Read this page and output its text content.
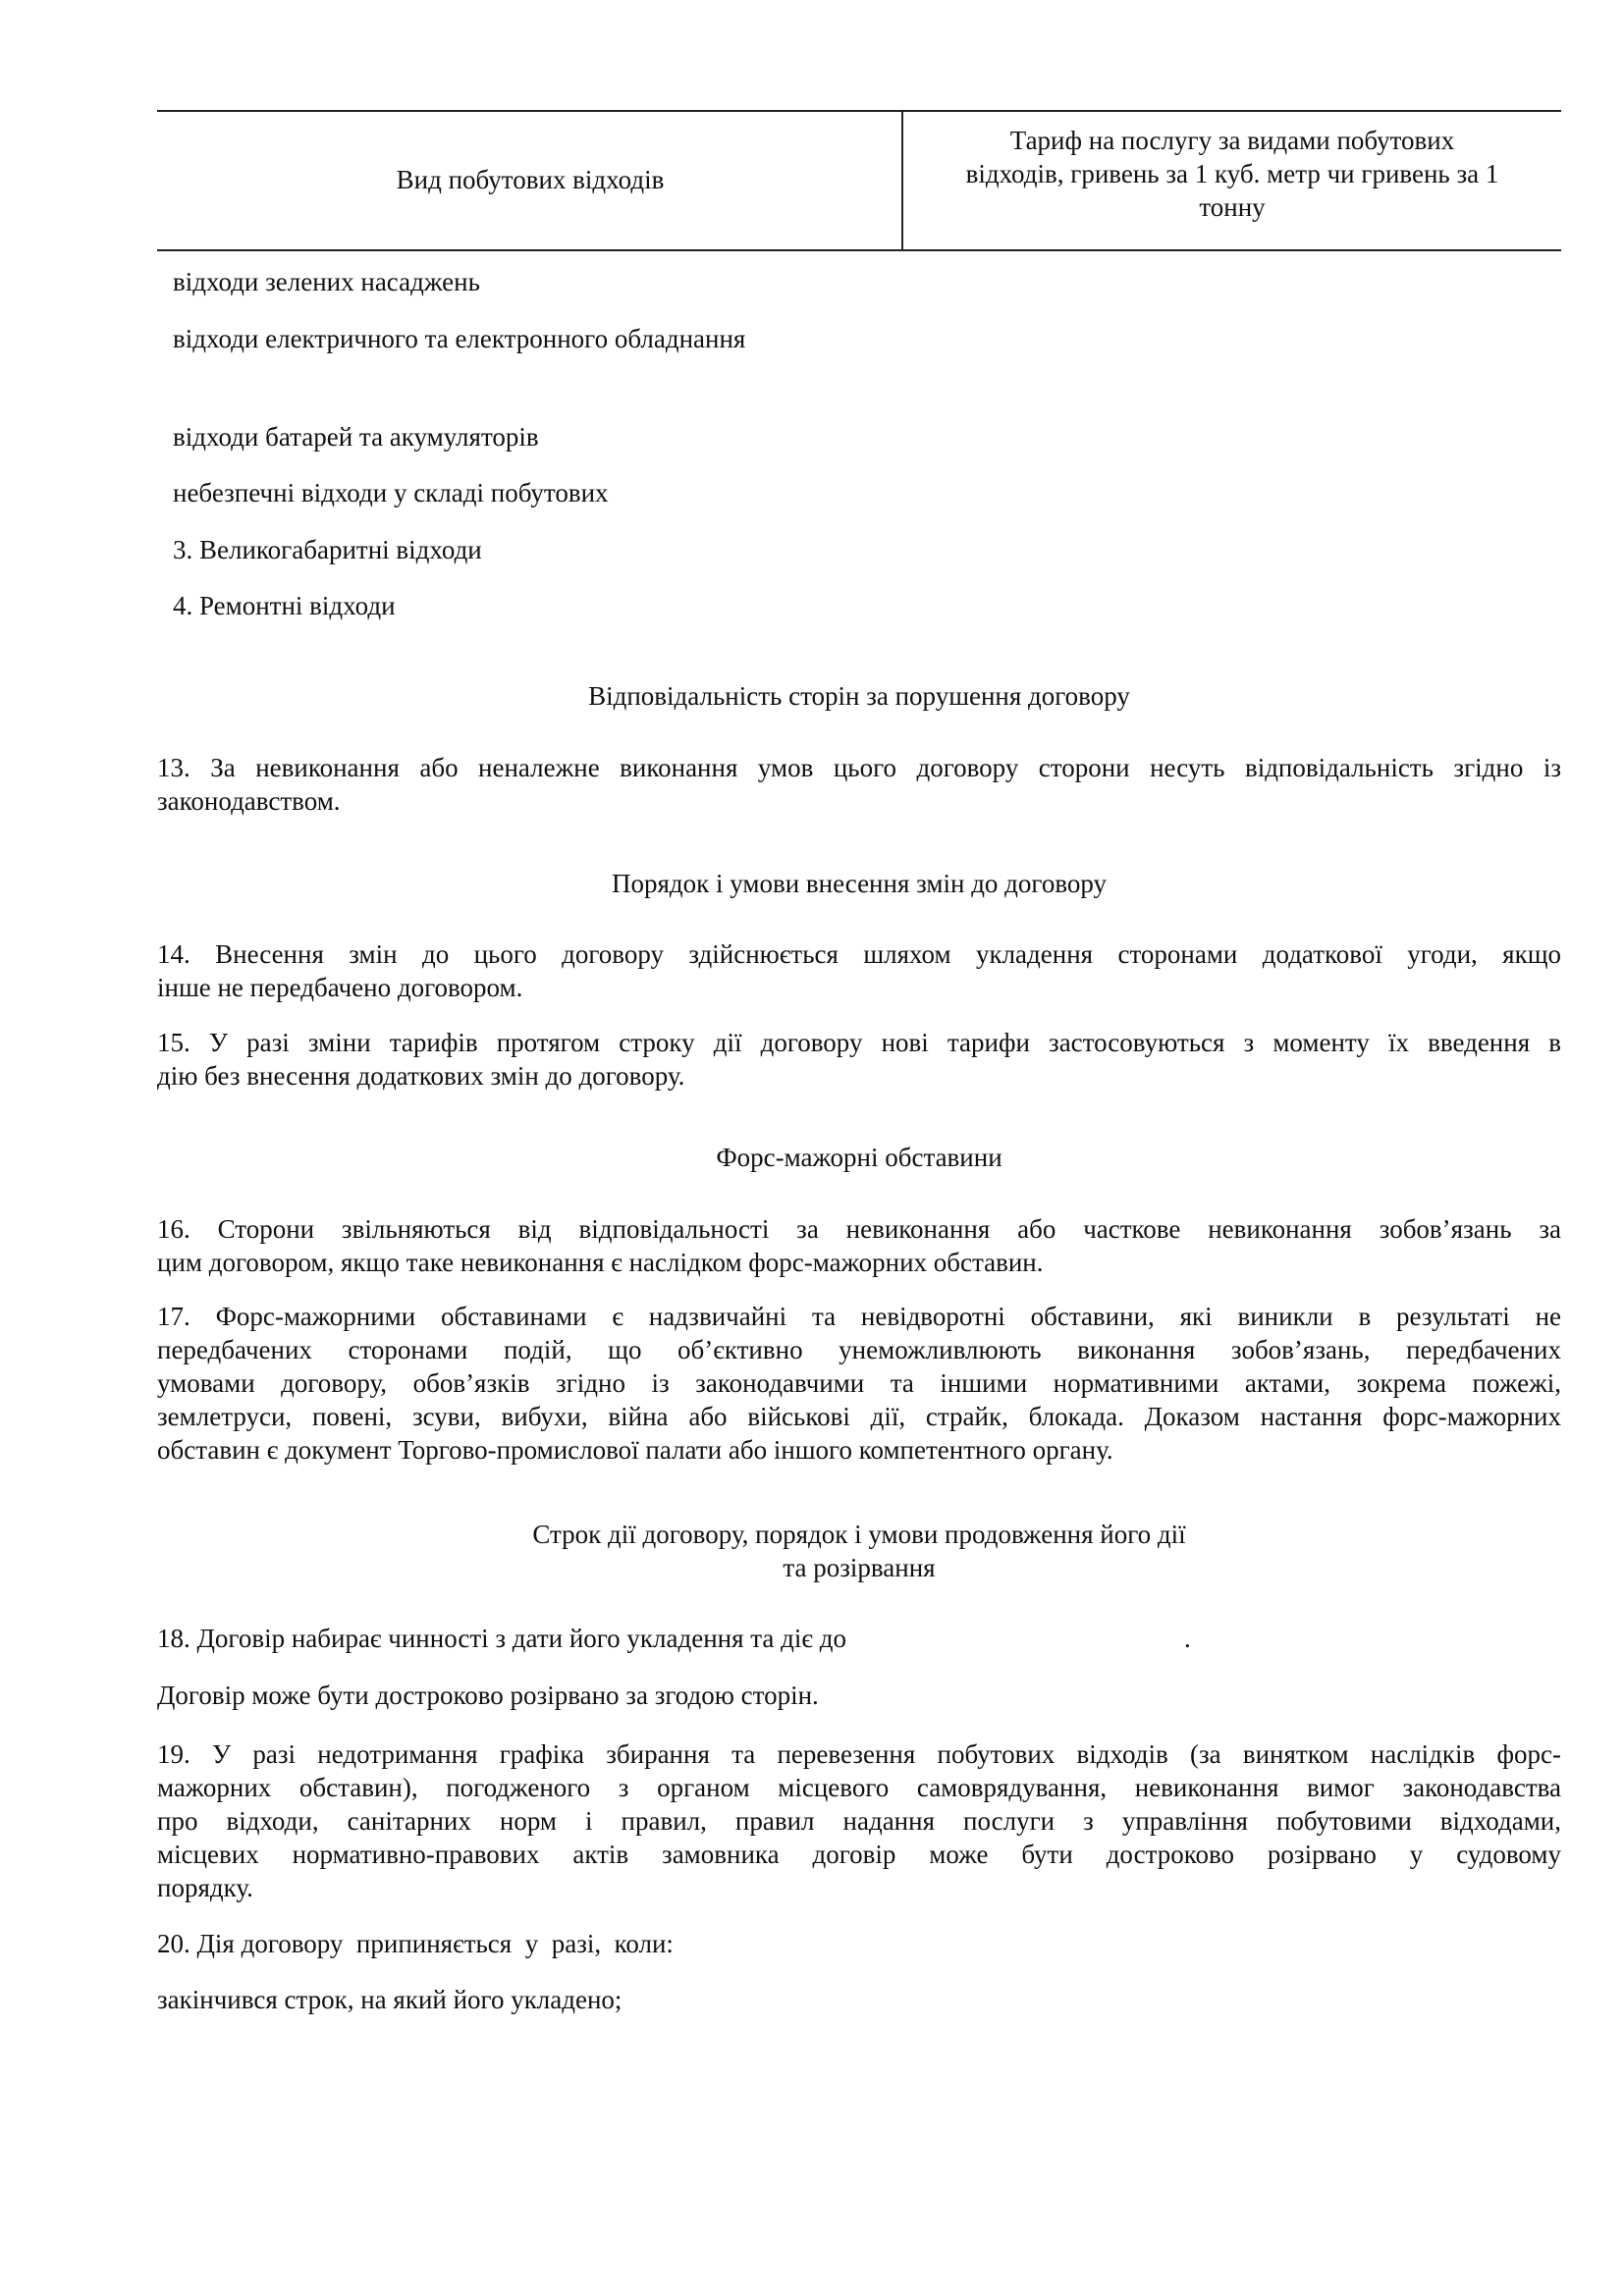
Вид побутових відходів
Тариф на послугу за видами побутових
відходів, гривень за 1 куб. метр чи гривень за 1
тонну
відходи зелених насаджень
відходи електричного та електронного обладнання
відходи батарей та акумуляторів
небезпечні відходи у складі побутових
3. Великогабаритні відходи
4. Ремонтні відходи
Відповідальність сторін за порушення договору
13. За невиконання або неналежне виконання умов цього договору сторони несуть відповідальність згідно із
законодавством.
Порядок і умови внесення змін до договору
14. Внесення змін до цього договору здійснюється шляхом укладення сторонами додаткової угоди, якщо
інше не передбачено договором.
15. У разі зміни тарифів протягом строку дії договору нові тарифи застосовуються з моменту їх введення в
дію без внесення додаткових змін до договору.
Форс-мажорні обставини
16. Сторони звільняються від відповідальності за невиконання або часткове невиконання зобов’язань за
цим договором, якщо таке невиконання є наслідком форс-мажорних обставин.
17. Форс-мажорними обставинами є надзвичайні та невідворотні обставини, які виникли в результаті не
передбачених сторонами подій, що об’єктивно унеможливлюють виконання зобов’язань, передбачених
умовами договору, обов’язків згідно із законодавчими та іншими нормативними актами, зокрема пожежі,
землетруси, повені, зсуви, вибухи, війна або військові дії, страйк, блокада. Доказом настання форс-мажорних
обставин є документ Торгово-промислової палати або іншого компетентного органу.
Строк дії договору, порядок і умови продовження його дії
та розірвання
18. Договір набирає чинності з дати його укладення та діє до	.
Договір може бути достроково розірвано за згодою сторін.
19. У разі недотримання графіка збирання та перевезення побутових відходів (за винятком наслідків форс-
мажорних обставин), погодженого з органом місцевого самоврядування, невиконання вимог законодавства
про відходи, санітарних норм і правил, правил надання послуги з управління побутовими відходами,
місцевих нормативно-правових актів замовника договір може бути достроково розірвано у судовому
порядку.
20. Дія договору  припиняється  у  разі,  коли:
закінчився строк, на який його укладено;
